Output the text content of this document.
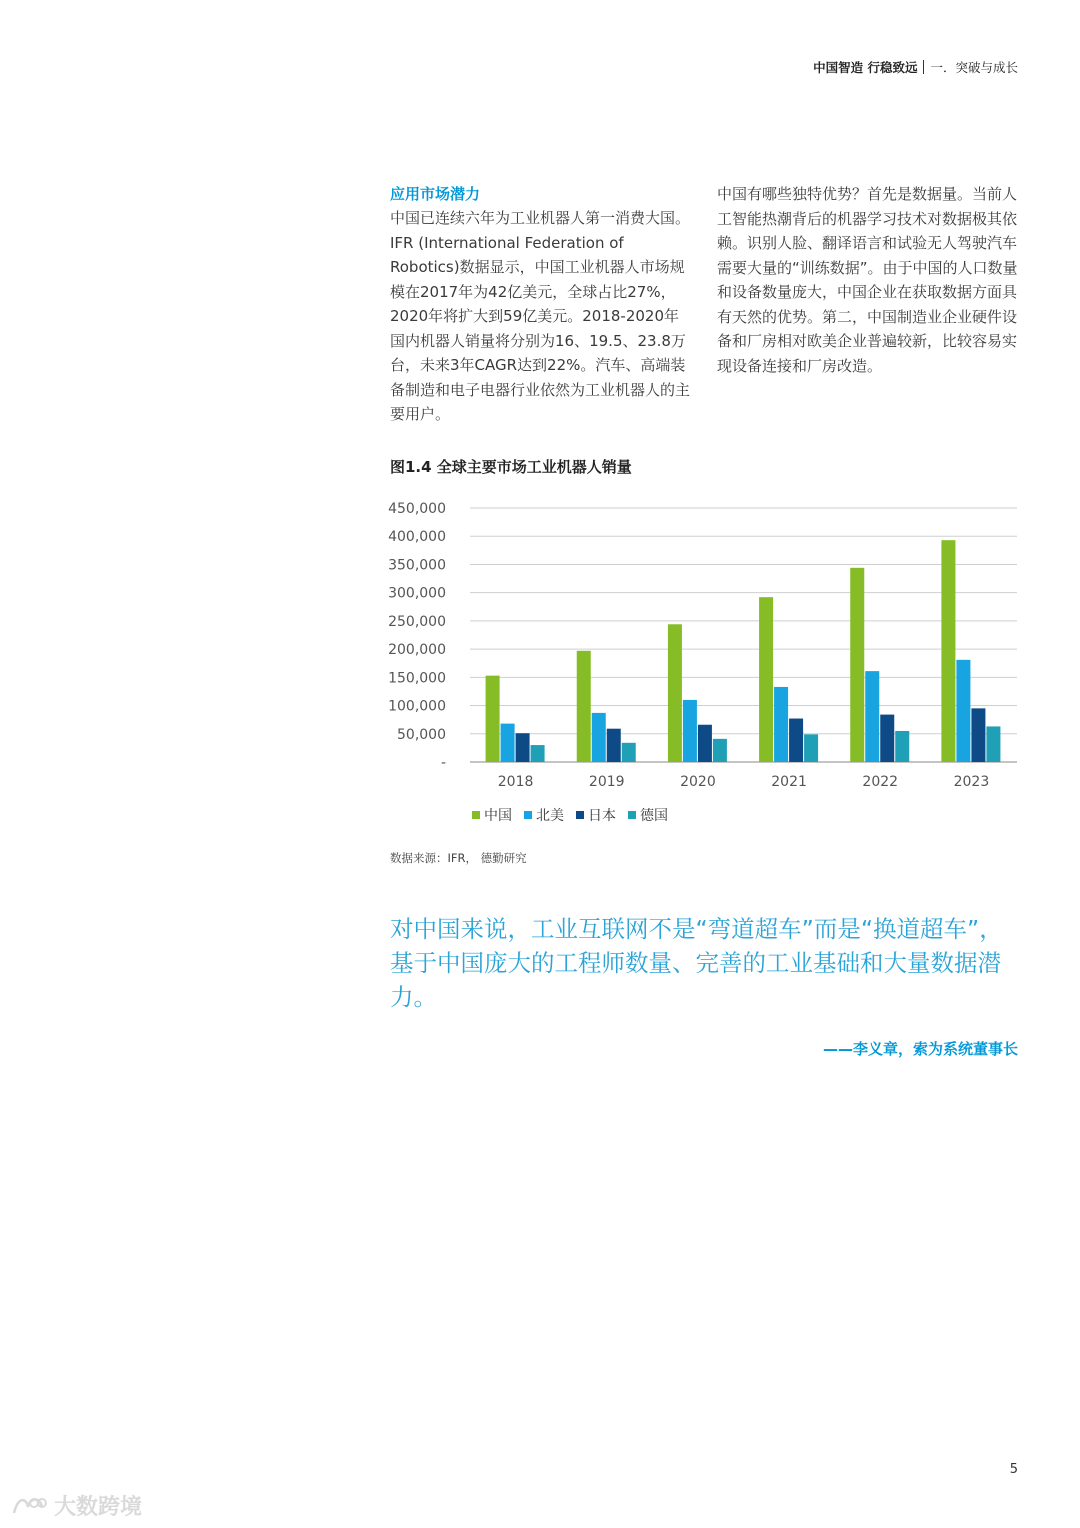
中国智造 行稳致远 一．突破与成长

应用市场潜力

中国已连续六年为工业机器人第一消费大国。IFR (International Federation of Robotics)数据显示，中国工业机器人市场规模在2017年为42亿美元，全球占比27%， 2020年将扩大到59亿美元。2018-2020年国内机器人销量将分别为16、19.5、23.8万台，未来3年CAGR达到22%。汽车、高端装备制造和电子电器行业依然为工业机器人的主要用户。

中国有哪些独特优势？首先是数据量。当前人工智能热潮背后的机器学习技术对数据极其依赖。识别人脸、翻译语言和试验无人驾驶汽车需要大量的“训练数据”。由于中国的人口数量和设备数量庞大，中国企业在获取数据方面具有天然的优势。第二，中国制造业企业硬件设备和厂房相对欧美企业普遍较新，比较容易实现设备连接和厂房改造。

图1.4 全球主要市场工业机器人销量
-
50,000
100,000
150,000
200,000
250,000
300,000
350,000
400,000
450,000
2018	2019	2020	2021	2022	2023
中国 北美 日本 德国
数据来源：IFR， 德勤研究

对中国来说，工业互联网不是“弯道超车”而是“换道超车”，基于中国庞大的工程师数量、完善的工业基础和大量数据潜力。

——李义章，索为系统董事长
5
大数跨境
